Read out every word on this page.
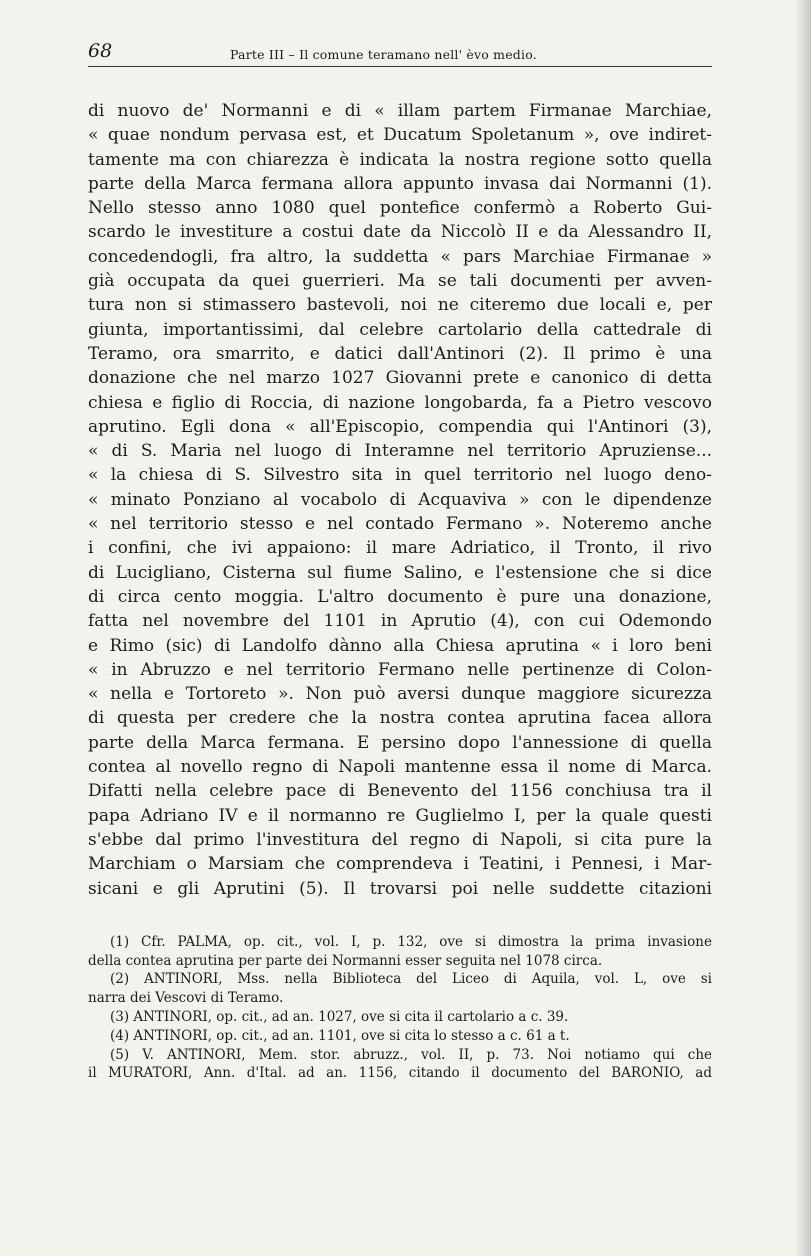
68	Parte III – Il comune teramano nell' èvo medio.
di nuovo de' Normanni e di « illam partem Firmanae Marchiae,
« quae nondum pervasa est, et Ducatum Spoletanum », ove indiret-
tamente ma con chiarezza è indicata la nostra regione sotto quella
parte della Marca fermana allora appunto invasa dai Normanni (1).
Nello stesso anno 1080 quel pontefice confermò a Roberto Gui-
scardo le investiture a costui date da Niccolò II e da Alessandro II,
concedendogli, fra altro, la suddetta « pars Marchiae Firmanae »
già occupata da quei guerrieri. Ma se tali documenti per avven-
tura non si stimassero bastevoli, noi ne citeremo due locali e, per
giunta, importantissimi, dal celebre cartolario della cattedrale di
Teramo, ora smarrito, e datici dall'Antinori (2). Il primo è una
donazione che nel marzo 1027 Giovanni prete e canonico di detta
chiesa e figlio di Roccia, di nazione longobarda, fa a Pietro vescovo
aprutino. Egli dona « all'Episcopio, compendia qui l'Antinori (3),
« di S. Maria nel luogo di Interamne nel territorio Apruziense...
« la chiesa di S. Silvestro sita in quel territorio nel luogo deno-
« minato Ponziano al vocabolo di Acquaviva » con le dipendenze
« nel territorio stesso e nel contado Fermano ». Noteremo anche
i confini, che ivi appaiono: il mare Adriatico, il Tronto, il rivo
di Lucigliano, Cisterna sul fiume Salino, e l'estensione che si dice
di circa cento moggia. L'altro documento è pure una donazione,
fatta nel novembre del 1101 in Aprutio (4), con cui Odemondo
e Rimo (sic) di Landolfo dànno alla Chiesa aprutina « i loro beni
« in Abruzzo e nel territorio Fermano nelle pertinenze di Colon-
« nella e Tortoreto ». Non può aversi dunque maggiore sicurezza
di questa per credere che la nostra contea aprutina facea allora
parte della Marca fermana. E persino dopo l'annessione di quella
contea al novello regno di Napoli mantenne essa il nome di Marca.
Difatti nella celebre pace di Benevento del 1156 conchiusa tra il
papa Adriano IV e il normanno re Guglielmo I, per la quale questi
s'ebbe dal primo l'investitura del regno di Napoli, si cita pure la
Marchiam o Marsiam che comprendeva i Teatini, i Pennesi, i Mar-
sicani e gli Aprutini (5). Il trovarsi poi nelle suddette citazioni
(1) Cfr. PALMA, op. cit., vol. I, p. 132, ove si dimostra la prima invasione
della contea aprutina per parte dei Normanni esser seguita nel 1078 circa.
(2) ANTINORI, Mss. nella Biblioteca del Liceo di Aquila, vol. L, ove si
narra dei Vescovi di Teramo.
(3) ANTINORI, op. cit., ad an. 1027, ove si cita il cartolario a c. 39.
(4) ANTINORI, op. cit., ad an. 1101, ove si cita lo stesso a c. 61 a t.
(5) V. ANTINORI, Mem. stor. abruzz., vol. II, p. 73. Noi notiamo qui che
il MURATORI, Ann. d'Ital. ad an. 1156, citando il documento del BARONIO, ad
